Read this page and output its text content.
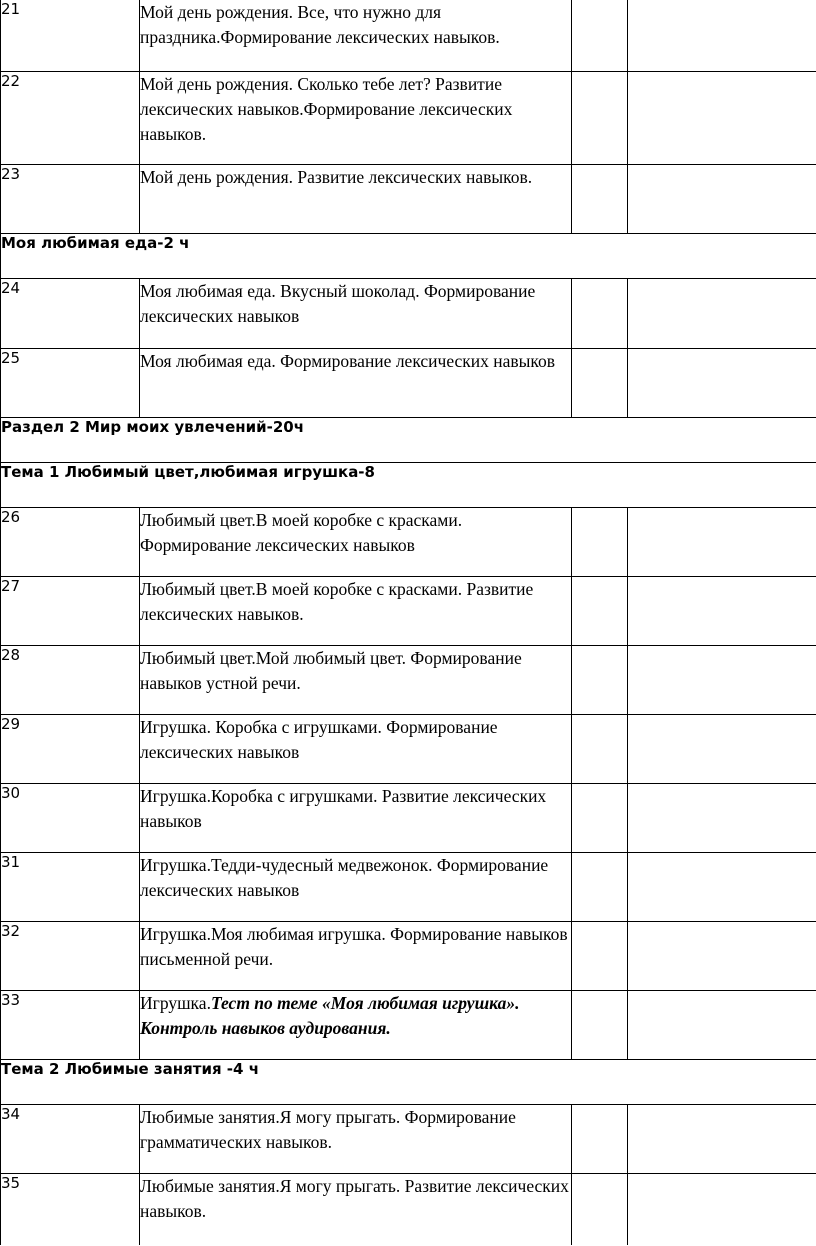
21	Мой день рождения. Все, что нужно для праздника.Формирование лексических навыков.		
22	Мой день рождения. Сколько тебе лет? Развитие лексических навыков.Формирование лексических навыков.		
23	Мой день рождения. Развитие лексических навыков.		
Моя любимая еда-2 ч			
24	Моя любимая еда. Вкусный шоколад. Формирование лексических навыков		
25	Моя любимая еда. Формирование лексических навыков		
Раздел 2 Мир моих увлечений-20ч			
Тема 1 Любимый цвет,любимая игрушка-8			
26	Любимый цвет.В моей коробке с красками. Формирование лексических навыков		
27	Любимый цвет.В моей коробке с красками. Развитие лексических навыков.		
28	Любимый цвет.Мой любимый цвет. Формирование навыков устной речи.		
29	Игрушка. Коробка с игрушками. Формирование лексических навыков		
30	Игрушка.Коробка с игрушками. Развитие лексических навыков		
31	Игрушка.Тедди-чудесный медвежонок. Формирование лексических навыков		
32	Игрушка.Моя любимая игрушка. Формирование навыков письменной речи.		
33	Игрушка.Тест по теме «Моя любимая игрушка». Контроль навыков аудирования.		
Тема 2 Любимые занятия -4 ч			
34	Любимые занятия.Я могу прыгать. Формирование грамматических навыков.		
35	Любимые занятия.Я могу прыгать. Развитие лексических навыков.		
